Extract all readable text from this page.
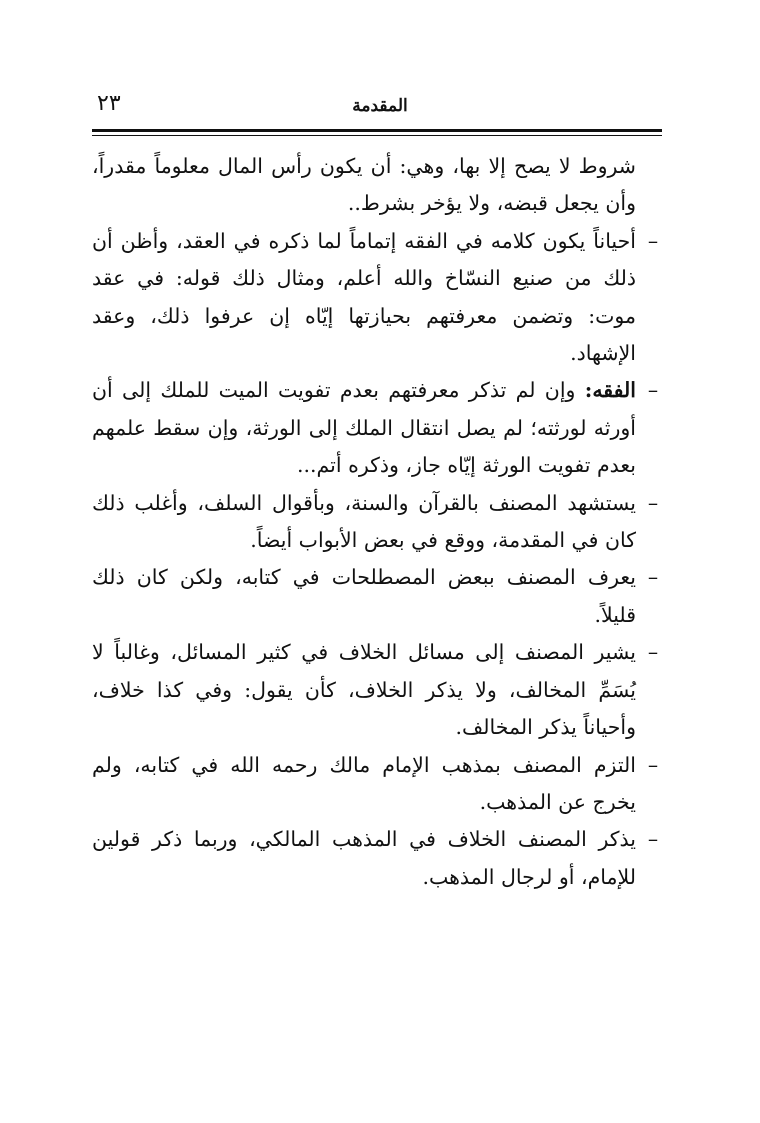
المقدمة
٢٣

شروط لا يصح إلا بها، وهي: أن يكون رأس المال معلوماً مقدراً، وأن يجعل قبضه، ولا يؤخر بشرط..

–
أحياناً يكون كلامه في الفقه إتماماً لما ذكره في العقد، وأظن أن ذلك من صنيع النسّاخ والله أعلم، ومثال ذلك قوله: في عقد موت: وتضمن معرفتهم بحيازتها إيّاه إن عرفوا ذلك، وعقد الإشهاد.

–
الفقه: وإن لم تذكر معرفتهم بعدم تفويت الميت للملك إلى أن أورثه لورثته؛ لم يصل انتقال الملك إلى الورثة، وإن سقط علمهم بعدم تفويت الورثة إيّاه جاز، وذكره أتم...

–
يستشهد المصنف بالقرآن والسنة، وبأقوال السلف، وأغلب ذلك كان في المقدمة، ووقع في بعض الأبواب أيضاً.

–
يعرف المصنف ببعض المصطلحات في كتابه، ولكن كان ذلك قليلاً.

–
يشير المصنف إلى مسائل الخلاف في كثير المسائل، وغالباً لا يُسَمِّ المخالف، ولا يذكر الخلاف، كأن يقول: وفي كذا خلاف، وأحياناً يذكر المخالف.

–
التزم المصنف بمذهب الإمام مالك رحمه الله في كتابه، ولم يخرج عن المذهب.

–
يذكر المصنف الخلاف في المذهب المالكي، وربما ذكر قولين للإمام، أو لرجال المذهب.
